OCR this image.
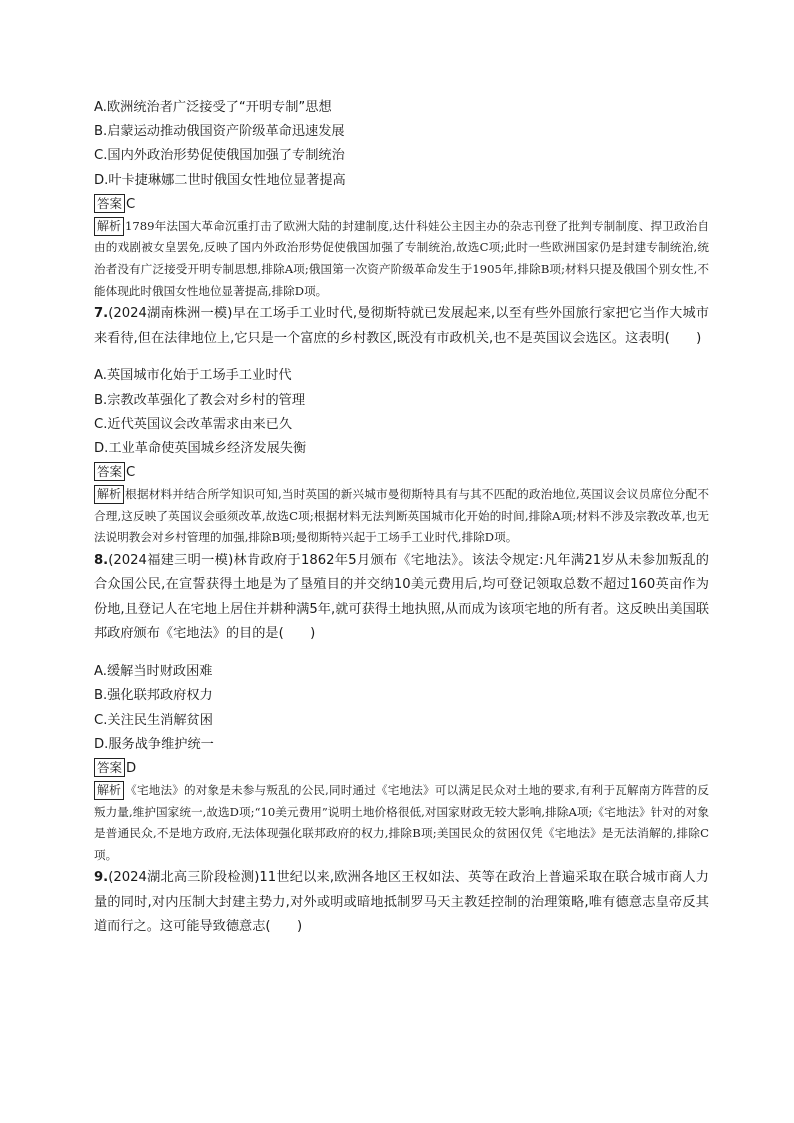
A.欧洲统治者广泛接受了“开明专制”思想
B.启蒙运动推动俄国资产阶级革命迅速发展
C.国内外政治形势促使俄国加强了专制统治
D.叶卡捷琳娜二世时俄国女性地位显著提高
答案 C

解析 1789年法国大革命沉重打击了欧洲大陆的封建制度,达什科娃公主因主办的杂志刊登了批判专制制度、捍卫政治自由的戏剧被女皇罢免,反映了国内外政治形势促使俄国加强了专制统治,故选C项;此时一些欧洲国家仍是封建专制统治,统治者没有广泛接受开明专制思想,排除A项;俄国第一次资产阶级革命发生于1905年,排除B项;材料只提及俄国个别女性,不能体现此时俄国女性地位显著提高,排除D项。

7.(2024湖南株洲一模)早在工场手工业时代,曼彻斯特就已发展起来,以至有些外国旅行家把它当作大城市来看待,但在法律地位上,它只是一个富庶的乡村教区,既没有市政机关,也不是英国议会选区。这表明(　　)

A.英国城市化始于工场手工业时代
B.宗教改革强化了教会对乡村的管理
C.近代英国议会改革需求由来已久
D.工业革命使英国城乡经济发展失衡
答案 C

解析 根据材料并结合所学知识可知,当时英国的新兴城市曼彻斯特具有与其不匹配的政治地位,英国议会议员席位分配不合理,这反映了英国议会亟须改革,故选C项;根据材料无法判断英国城市化开始的时间,排除A项;材料不涉及宗教改革,也无法说明教会对乡村管理的加强,排除B项;曼彻斯特兴起于工场手工业时代,排除D项。

8.(2024福建三明一模)林肯政府于1862年5月颁布《宅地法》。该法令规定:凡年满21岁从未参加叛乱的合众国公民,在宣誓获得土地是为了垦殖目的并交纳10美元费用后,均可登记领取总数不超过160英亩作为份地,且登记人在宅地上居住并耕种满5年,就可获得土地执照,从而成为该项宅地的所有者。这反映出美国联邦政府颁布《宅地法》的目的是(　　)

A.缓解当时财政困难
B.强化联邦政府权力
C.关注民生消解贫困
D.服务战争维护统一
答案 D

解析 《宅地法》的对象是未参与叛乱的公民,同时通过《宅地法》可以满足民众对土地的要求,有利于瓦解南方阵营的反叛力量,维护国家统一,故选D项;“10美元费用”说明土地价格很低,对国家财政无较大影响,排除A项;《宅地法》针对的对象是普通民众,不是地方政府,无法体现强化联邦政府的权力,排除B项;美国民众的贫困仅凭《宅地法》是无法消解的,排除C项。

9.(2024湖北高三阶段检测)11世纪以来,欧洲各地区王权如法、英等在政治上普遍采取在联合城市商人力量的同时,对内压制大封建主势力,对外或明或暗地抵制罗马天主教廷控制的治理策略,唯有德意志皇帝反其道而行之。这可能导致德意志(　　)
